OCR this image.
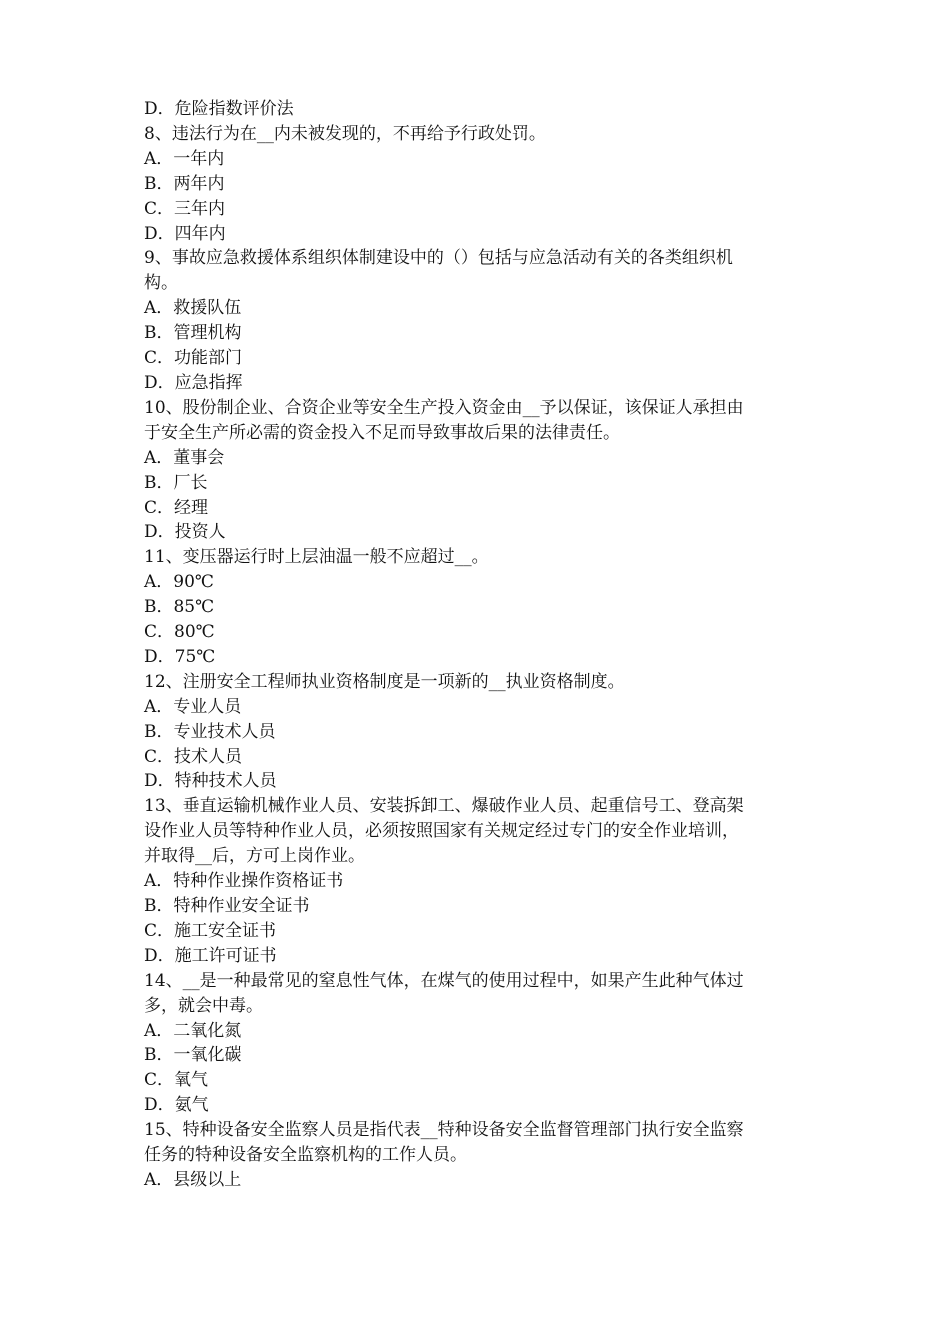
D．危险指数评价法

8、违法行为在__内未被发现的，不再给予行政处罚。

A．一年内

B．两年内

C．三年内

D．四年内

9、事故应急救援体系组织体制建设中的（）包括与应急活动有关的各类组织机

构。

A．救援队伍

B．管理机构

C．功能部门

D．应急指挥

10、股份制企业、合资企业等安全生产投入资金由__予以保证，该保证人承担由

于安全生产所必需的资金投入不足而导致事故后果的法律责任。

A．董事会

B．厂长

C．经理

D．投资人

11、变压器运行时上层油温一般不应超过__。

A．90℃

B．85℃

C．80℃

D．75℃

12、注册安全工程师执业资格制度是一项新的__执业资格制度。

A．专业人员

B．专业技术人员

C．技术人员

D．特种技术人员

13、垂直运输机械作业人员、安装拆卸工、爆破作业人员、起重信号工、登高架

设作业人员等特种作业人员，必须按照国家有关规定经过专门的安全作业培训，

并取得__后，方可上岗作业。

A．特种作业操作资格证书

B．特种作业安全证书

C．施工安全证书

D．施工许可证书

14、__是一种最常见的窒息性气体，在煤气的使用过程中，如果产生此种气体过

多，就会中毒。

A．二氧化氮

B．一氧化碳

C．氧气

D．氨气

15、特种设备安全监察人员是指代表__特种设备安全监督管理部门执行安全监察

任务的特种设备安全监察机构的工作人员。

A．县级以上
